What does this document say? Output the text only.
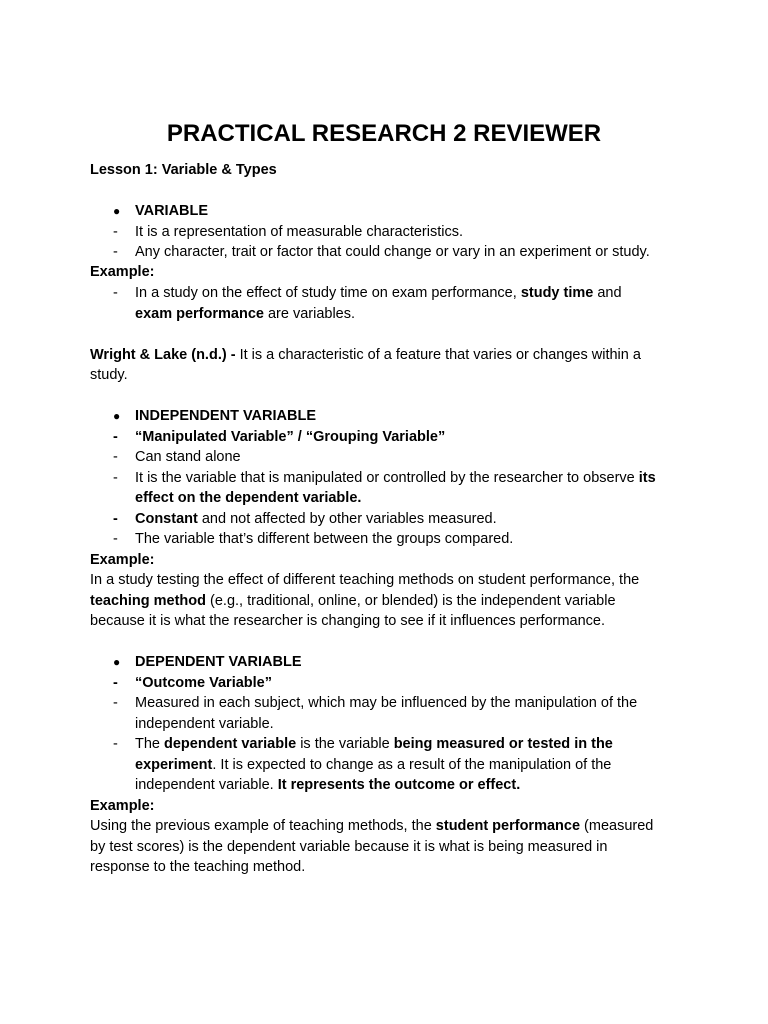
PRACTICAL RESEARCH 2 REVIEWER
Lesson 1: Variable & Types
●	VARIABLE
-	It is a representation of measurable characteristics.
-	Any character, trait or factor that could change or vary in an experiment or study.
Example:
-	In a study on the effect of study time on exam performance, study time and
exam performance are variables.
Wright & Lake (n.d.) - It is a characteristic of a feature that varies or changes within a
study.
●	INDEPENDENT VARIABLE
-	“Manipulated Variable” / “Grouping Variable”
-	Can stand alone
-	It is the variable that is manipulated or controlled by the researcher to observe its
effect on the dependent variable.
-	Constant and not affected by other variables measured.
-	The variable that’s different between the groups compared.
Example:
In a study testing the effect of different teaching methods on student performance, the
teaching method (e.g., traditional, online, or blended) is the independent variable
because it is what the researcher is changing to see if it influences performance.
●	DEPENDENT VARIABLE
-	“Outcome Variable”
-	Measured in each subject, which may be influenced by the manipulation of the
independent variable.
-	The dependent variable is the variable being measured or tested in the
experiment. It is expected to change as a result of the manipulation of the
independent variable. It represents the outcome or effect.
Example:
Using the previous example of teaching methods, the student performance (measured
by test scores) is the dependent variable because it is what is being measured in
response to the teaching method.
